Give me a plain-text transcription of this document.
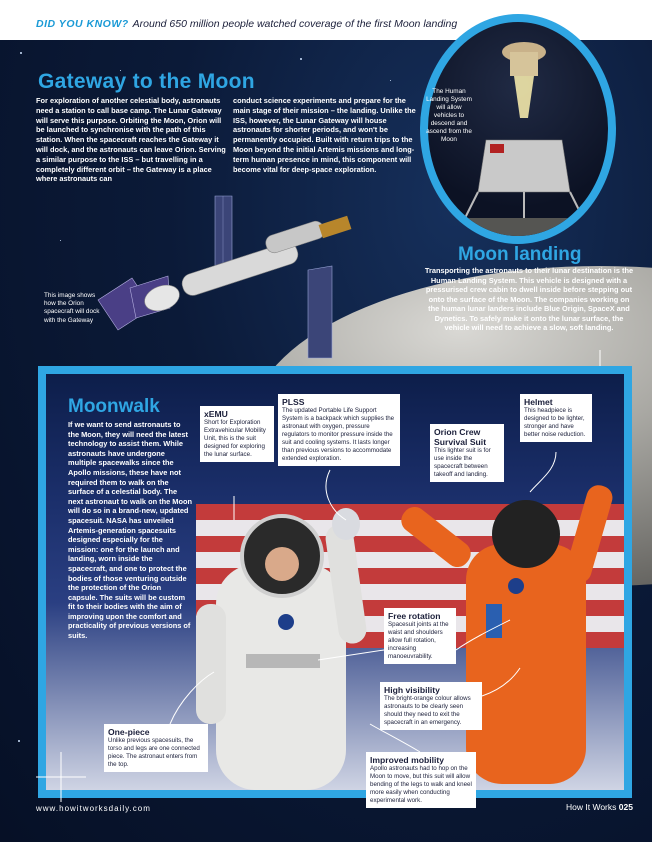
DID YOU KNOW? Around 650 million people watched coverage of the first Moon landing
Gateway to the Moon
For exploration of another celestial body, astronauts need a station to call base camp. The Lunar Gateway will serve this purpose. Orbiting the Moon, Orion will be launched to synchronise with the path of this station. When the spacecraft reaches the Gateway it will dock, and the astronauts can leave Orion. Serving a similar purpose to the ISS – but travelling in a completely different orbit – the Gateway is a place where astronauts can
conduct science experiments and prepare for the main stage of their mission – the landing. Unlike the ISS, however, the Lunar Gateway will house astronauts for shorter periods, and won't be permanently occupied. Built with return trips to the Moon beyond the initial Artemis missions and long-term human presence in mind, this component will become vital for deep-space exploration.
This image shows how the Orion spacecraft will dock with the Gateway
The Human Landing System will allow vehicles to descend and ascend from the Moon
Moon landing
Transporting the astronauts to their lunar destination is the Human Landing System. This vehicle is designed with a pressurised crew cabin to dwell inside before stepping out onto the surface of the Moon. The companies working on the human lunar landers include Blue Origin, SpaceX and Dynetics. To safely make it onto the lunar surface, the vehicle will need to achieve a slow, soft landing.
Moonwalk
If we want to send astronauts to the Moon, they will need the latest technology to assist them. While astronauts have undergone multiple spacewalks since the Apollo missions, these have not required them to walk on the surface of a celestial body. The next astronaut to walk on the Moon will do so in a brand-new, updated spacesuit. NASA has unveiled Artemis-generation spacesuits designed especially for the mission: one for the launch and landing, worn inside the spacecraft, and one to protect the bodies of those venturing outside the protection of the Orion capsule. The suits will be custom fit to their bodies with the aim of improving upon the comfort and practicality of previous versions of suits.
xEMU
Short for Exploration Extravehicular Mobility Unit, this is the suit designed for exploring the lunar surface.
PLSS
The updated Portable Life Support System is a backpack which supplies the astronaut with oxygen, pressure regulators to monitor pressure inside the suit and cooling systems. It lasts longer than previous versions to accommodate extended exploration.
Helmet
This headpiece is designed to be lighter, stronger and have better noise reduction.
Orion Crew Survival Suit
This lighter suit is for use inside the spacecraft between takeoff and landing.
Free rotation
Spacesuit joints at the waist and shoulders allow full rotation, increasing manoeuvrability.
High visibility
The bright-orange colour allows astronauts to be clearly seen should they need to exit the spacecraft in an emergency.
One-piece
Unlike previous spacesuits, the torso and legs are one connected piece. The astronaut enters from the top.	Improved mobility
Apollo astronauts had to hop on the Moon to move, but this suit will allow bending of the legs to walk and kneel more easily when conducting experimental work.
www.howitworksdaily.com	How It Works 025
